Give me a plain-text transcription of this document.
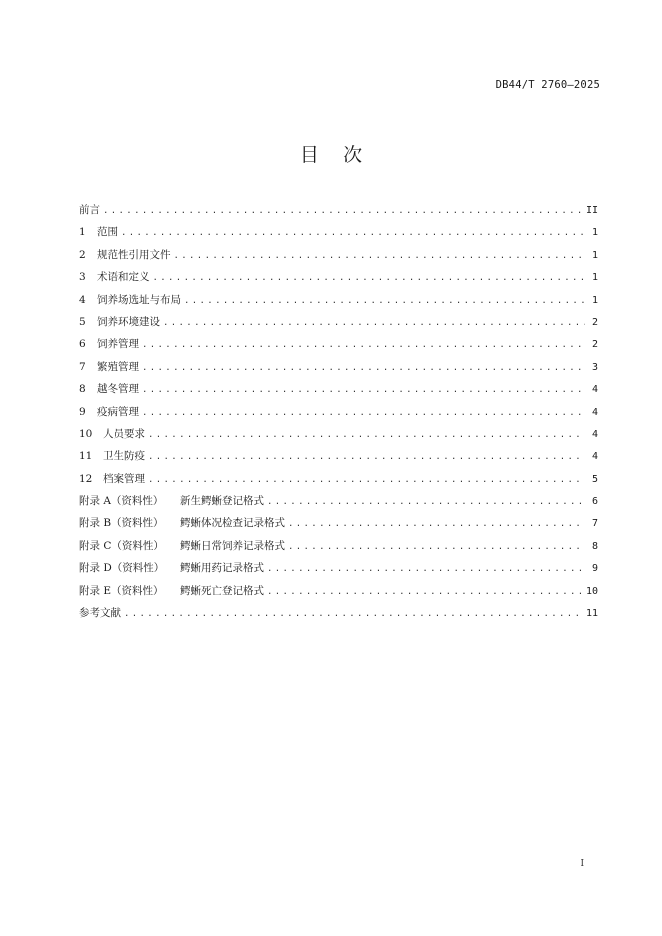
DB44/T 2760—2025
目    次
前言 .....	II
1	范围 .....	1
2	规范性引用文件 .....	1
3	术语和定义 .....	1
4	饲养场选址与布局 .....	1
5	饲养环境建设 .....	2
6	饲养管理 .....	2
7	繁殖管理 .....	3
8	越冬管理 .....	4
9	疫病管理 .....	4
10	人员要求 .....	4
11	卫生防疫 .....	4
12	档案管理 .....	5
附录 A（资料性）	新生鳄蜥登记格式 .....	6
附录 B（资料性）	鳄蜥体况检查记录格式 .....	7
附录 C（资料性）	鳄蜥日常饲养记录格式 .....	8
附录 D（资料性）	鳄蜥用药记录格式 .....	9
附录 E（资料性）	鳄蜥死亡登记格式 .....	10
参考文献 .....	11
I
